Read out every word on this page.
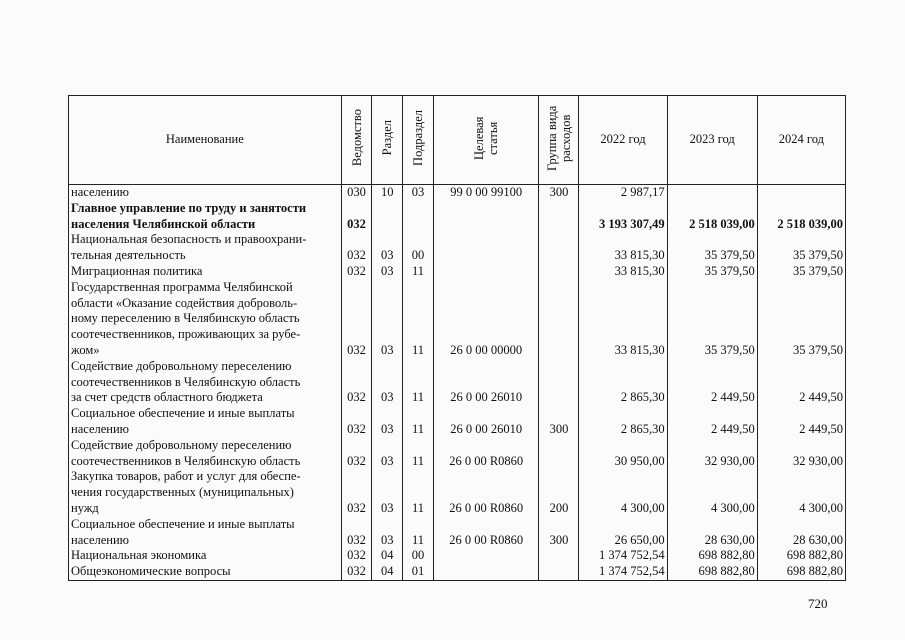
Наименование	Ведомство	Раздел	Подраздел	Целевая статья	Группа вида расходов	2022 год	2023 год	2024 год

населению	030	10	03	99 0 00 99100	300	2 987,17		

Главное управление по труду и занятости
населения Челябинской области	032					3 193 307,49	2 518 039,00	2 518 039,00

Национальная безопасность и правоохрани-
тельная деятельность	032	03	00			33 815,30	35 379,50	35 379,50

Миграционная политика	032	03	11			33 815,30	35 379,50	35 379,50

Государственная программа Челябинской
области «Оказание содействия доброволь-
ному переселению в Челябинскую область
соотечественников, проживающих за рубе-
жом»	032	03	11	26 0 00 00000		33 815,30	35 379,50	35 379,50

Содействие добровольному переселению
соотечественников в Челябинскую область
за счет средств областного бюджета	032	03	11	26 0 00 26010		2 865,30	2 449,50	2 449,50

Социальное обеспечение и иные выплаты
населению	032	03	11	26 0 00 26010	300	2 865,30	2 449,50	2 449,50

Содействие добровольному переселению
соотечественников в Челябинскую область	032	03	11	26 0 00 R0860		30 950,00	32 930,00	32 930,00

Закупка товаров, работ и услуг для обеспе-
чения государственных (муниципальных)
нужд	032	03	11	26 0 00 R0860	200	4 300,00	4 300,00	4 300,00

Социальное обеспечение и иные выплаты
населению	032	03	11	26 0 00 R0860	300	26 650,00	28 630,00	28 630,00

Национальная экономика	032	04	00			1 374 752,54	698 882,80	698 882,80

Общеэкономические вопросы	032	04	01			1 374 752,54	698 882,80	698 882,80
720
